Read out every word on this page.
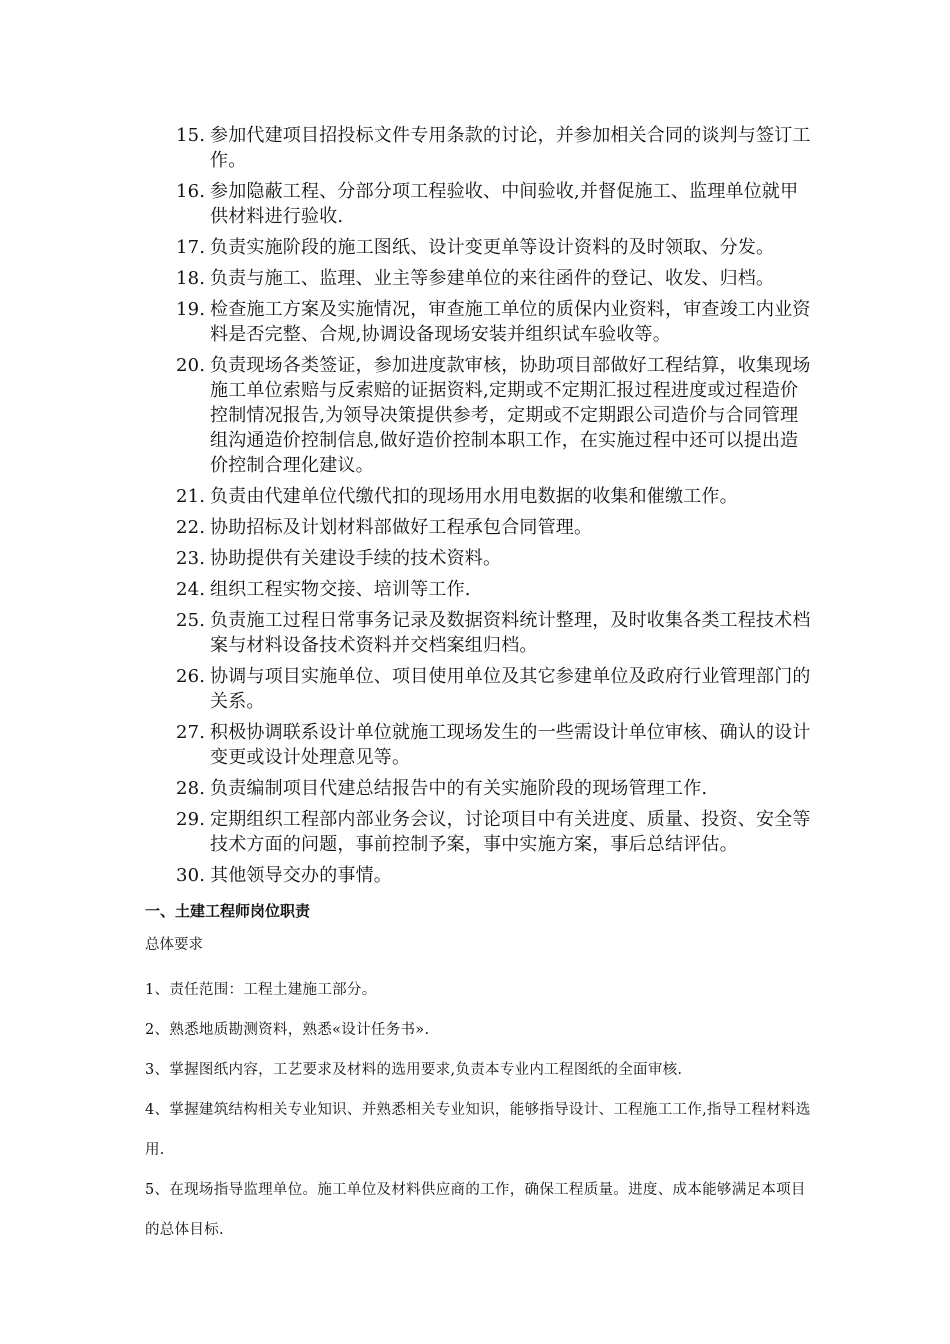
15. 参加代建项目招投标文件专用条款的讨论，并参加相关合同的谈判与签订工作。
16. 参加隐蔽工程、分部分项工程验收、中间验收,并督促施工、监理单位就甲供材料进行验收.
17. 负责实施阶段的施工图纸、设计变更单等设计资料的及时领取、分发。
18. 负责与施工、监理、业主等参建单位的来往函件的登记、收发、归档。
19. 检查施工方案及实施情况，审查施工单位的质保内业资料，审查竣工内业资料是否完整、合规,协调设备现场安装并组织试车验收等。
20. 负责现场各类签证，参加进度款审核，协助项目部做好工程结算，收集现场施工单位索赔与反索赔的证据资料,定期或不定期汇报过程进度或过程造价控制情况报告,为领导决策提供参考，定期或不定期跟公司造价与合同管理组沟通造价控制信息,做好造价控制本职工作，在实施过程中还可以提出造价控制合理化建议。
21. 负责由代建单位代缴代扣的现场用水用电数据的收集和催缴工作。
22. 协助招标及计划材料部做好工程承包合同管理。
23. 协助提供有关建设手续的技术资料。
24. 组织工程实物交接、培训等工作.
25. 负责施工过程日常事务记录及数据资料统计整理，及时收集各类工程技术档案与材料设备技术资料并交档案组归档。
26. 协调与项目实施单位、项目使用单位及其它参建单位及政府行业管理部门的关系。
27. 积极协调联系设计单位就施工现场发生的一些需设计单位审核、确认的设计变更或设计处理意见等。
28. 负责编制项目代建总结报告中的有关实施阶段的现场管理工作.
29. 定期组织工程部内部业务会议，讨论项目中有关进度、质量、投资、安全等技术方面的问题，事前控制予案，事中实施方案，事后总结评估。
30. 其他领导交办的事情。
一、土建工程师岗位职责
总体要求

1、责任范围：工程土建施工部分。

2、熟悉地质勘测资料，熟悉«设计任务书».

3、掌握图纸内容，工艺要求及材料的选用要求,负责本专业内工程图纸的全面审核.

4、掌握建筑结构相关专业知识、并熟悉相关专业知识，能够指导设计、工程施工工作,指导工程材料选用.

5、在现场指导监理单位。施工单位及材料供应商的工作，确保工程质量。进度、成本能够满足本项目的总体目标.
